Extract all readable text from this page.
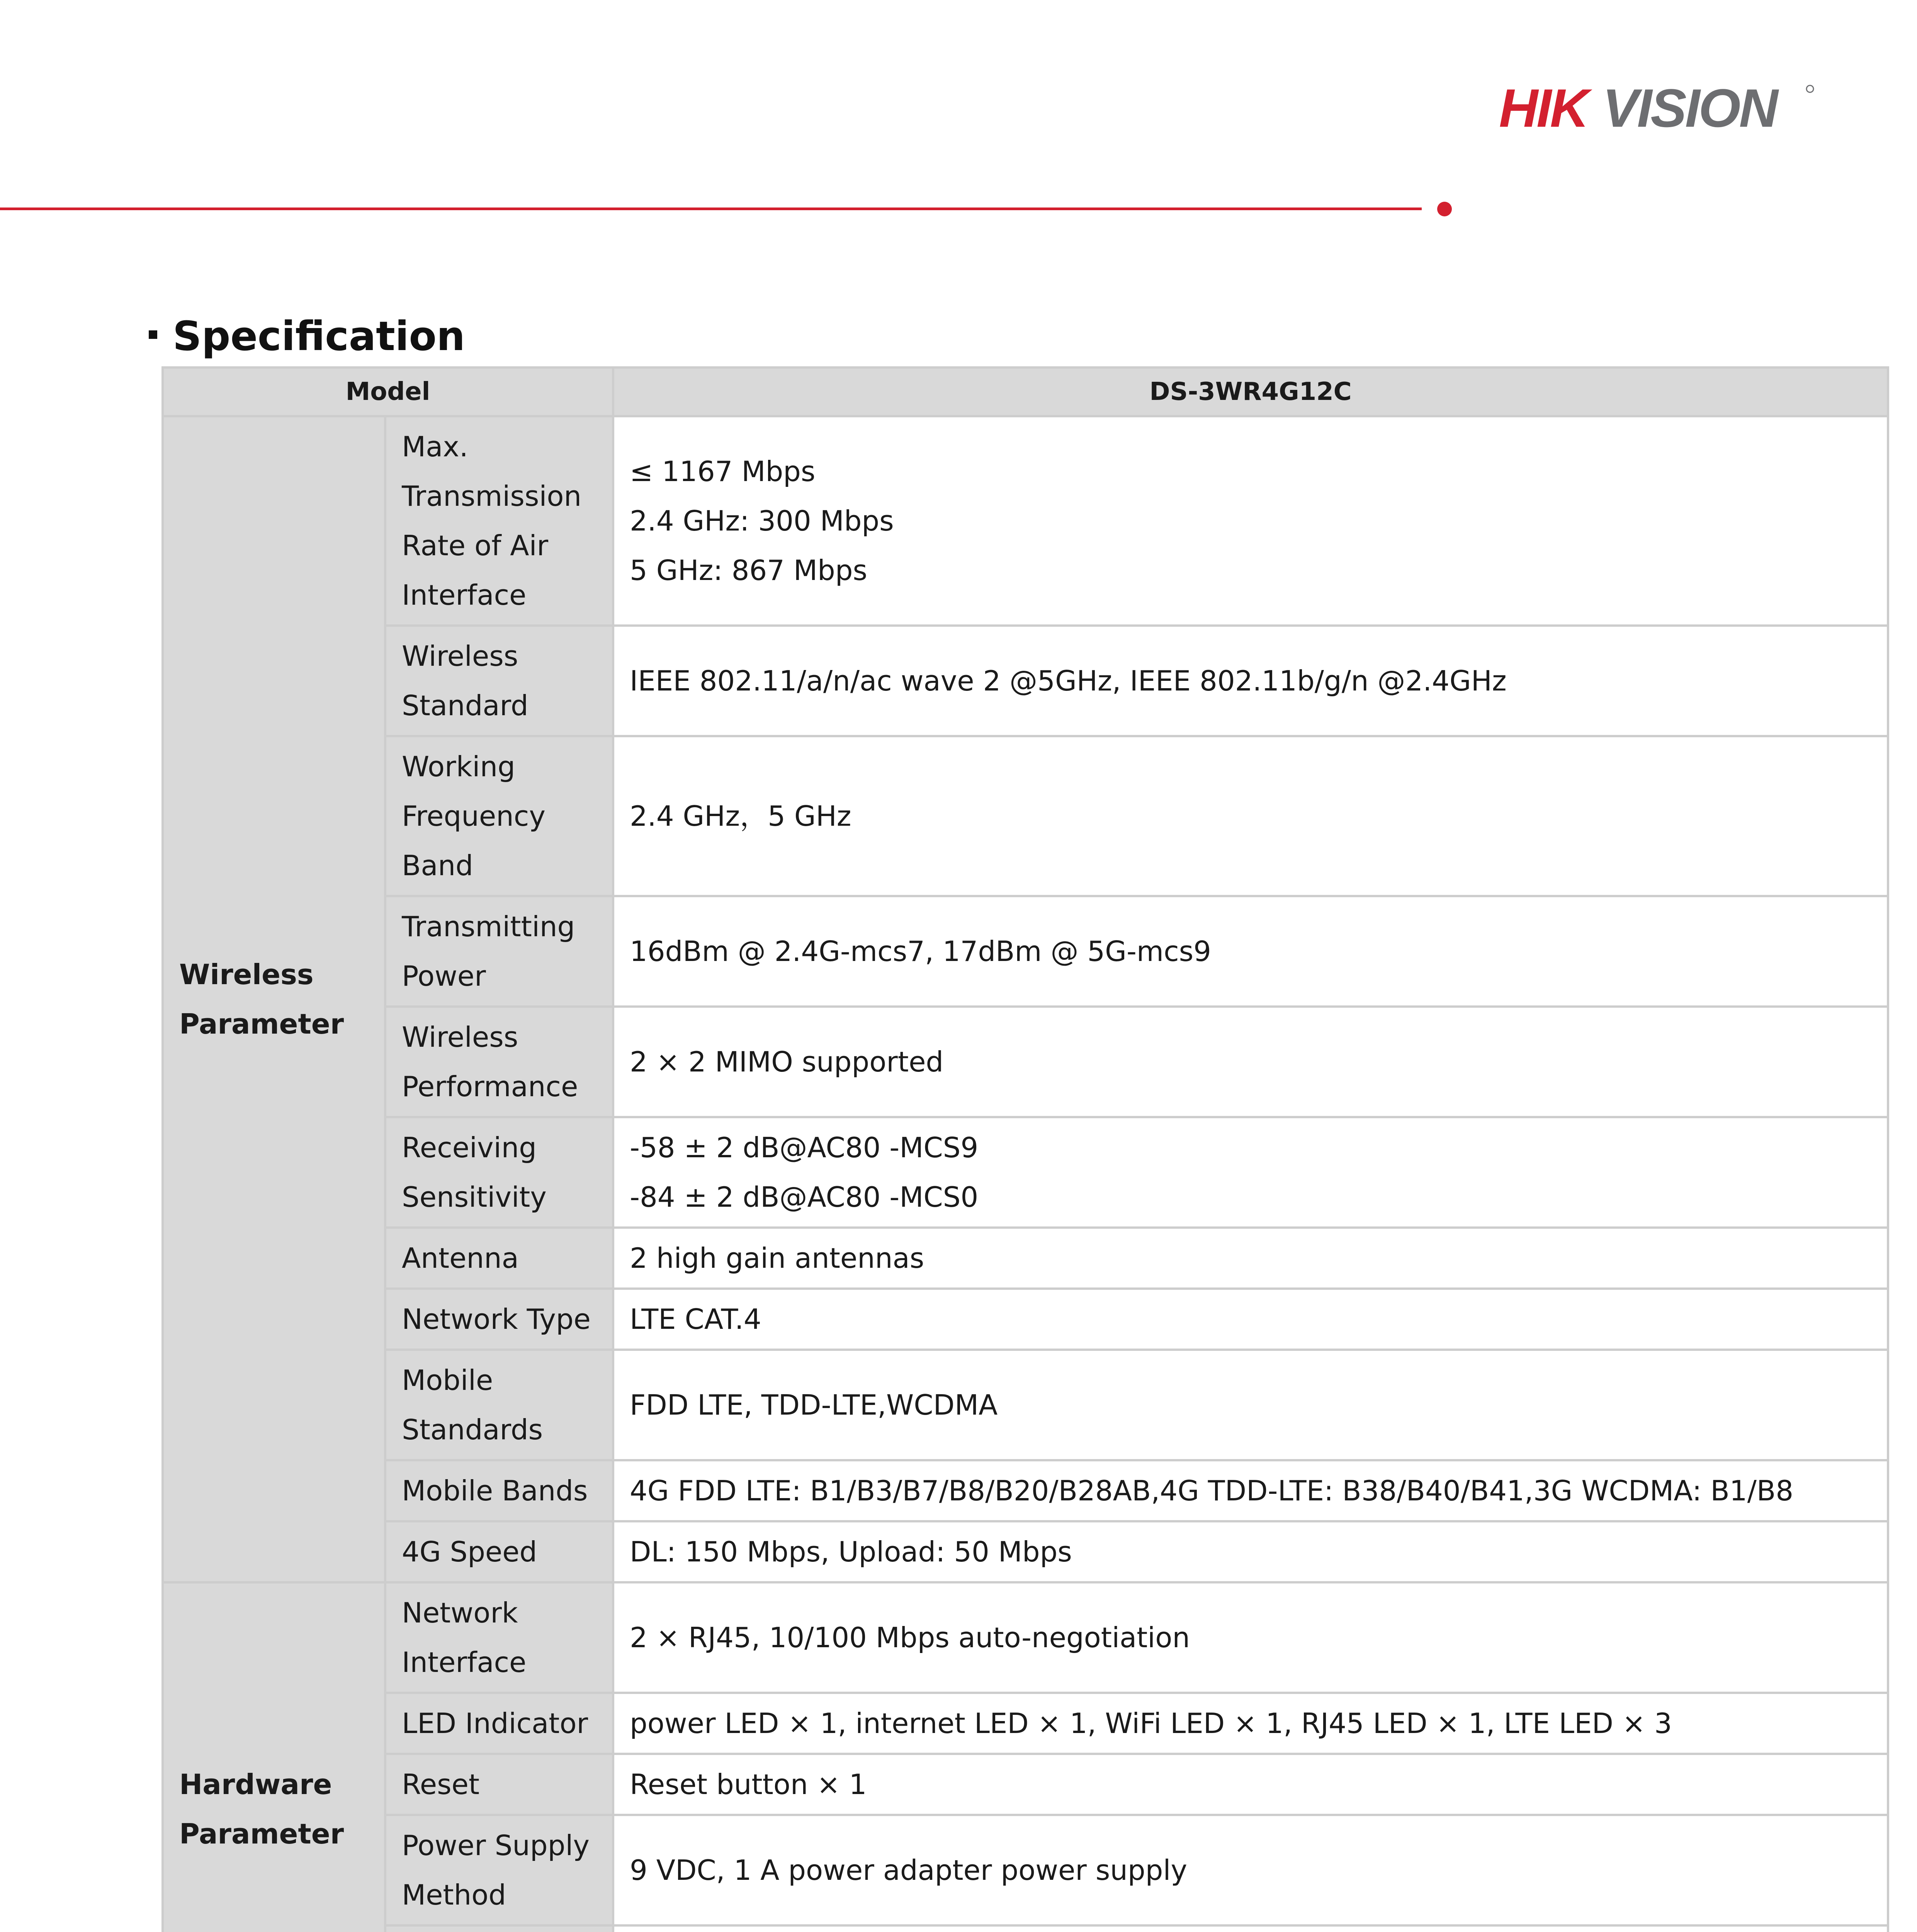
HIK VISION
Specification
Model		DS-3WR4G12C
Wireless Parameter	Max. Transmission Rate of Air Interface	≤ 1167 Mbps
2.4 GHz: 300 Mbps
5 GHz: 867 Mbps

	Wireless Standard	IEEE 802.11/a/n/ac wave 2 @5GHz, IEEE 802.11b/g/n @2.4GHz

	Working Frequency Band	2.4 GHz，5 GHz

	Transmitting Power	16dBm @ 2.4G-mcs7, 17dBm @ 5G-mcs9

	Wireless Performance	2 × 2 MIMO supported

	Receiving Sensitivity	-58 ± 2 dB@AC80 -MCS9
-84 ± 2 dB@AC80 -MCS0

	Antenna	2 high gain antennas

	Network Type	LTE CAT.4

	Mobile Standards	FDD LTE, TDD-LTE,WCDMA

	Mobile Bands	4G FDD LTE: B1/B3/B7/B8/B20/B28AB,4G TDD-LTE: B38/B40/B41,3G WCDMA: B1/B8

	4G Speed	DL: 150 Mbps, Upload: 50 Mbps

Hardware Parameter	Network Interface	2 × RJ45, 10/100 Mbps auto-negotiation

	LED Indicator	power LED × 1, internet LED × 1, WiFi LED × 1, RJ45 LED × 1, LTE LED × 3

	Reset	Reset button × 1

	Power Supply Method	9 VDC, 1 A power adapter power supply
